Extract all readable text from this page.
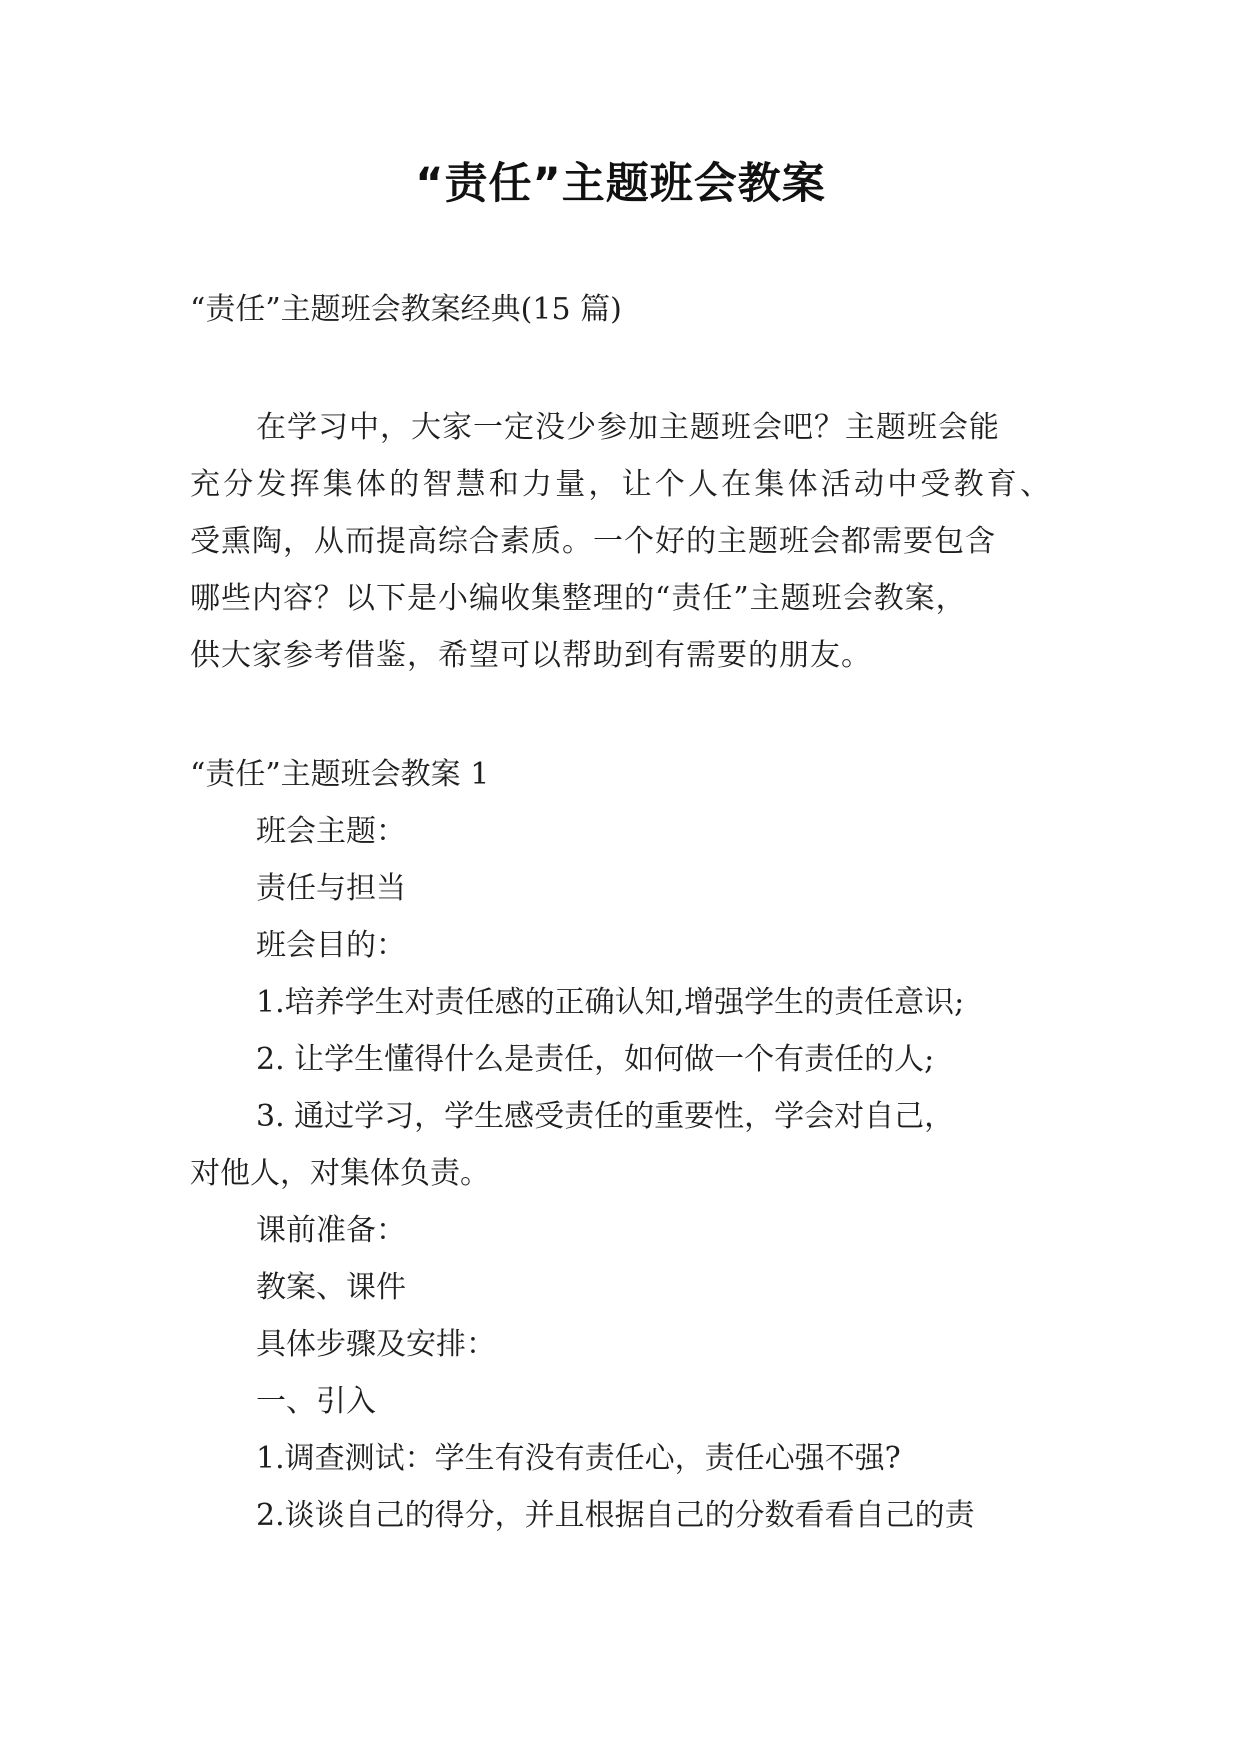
“责任”主题班会教案
“责任”主题班会教案经典(15 篇)
在学习中，大家一定没少参加主题班会吧？主题班会能
充分发挥集体的智慧和力量，让个人在集体活动中受教育、
受熏陶，从而提高综合素质。一个好的主题班会都需要包含
哪些内容？以下是小编收集整理的“责任”主题班会教案，
供大家参考借鉴，希望可以帮助到有需要的朋友。
“责任”主题班会教案 1
班会主题：
责任与担当
班会目的：
1.培养学生对责任感的正确认知,增强学生的责任意识;
2. 让学生懂得什么是责任，如何做一个有责任的人;
3. 通过学习，学生感受责任的重要性，学会对自己，
对他人，对集体负责。
课前准备：
教案、课件
具体步骤及安排：
一、引入
1.调查测试：学生有没有责任心，责任心强不强?
2.谈谈自己的得分，并且根据自己的分数看看自己的责
